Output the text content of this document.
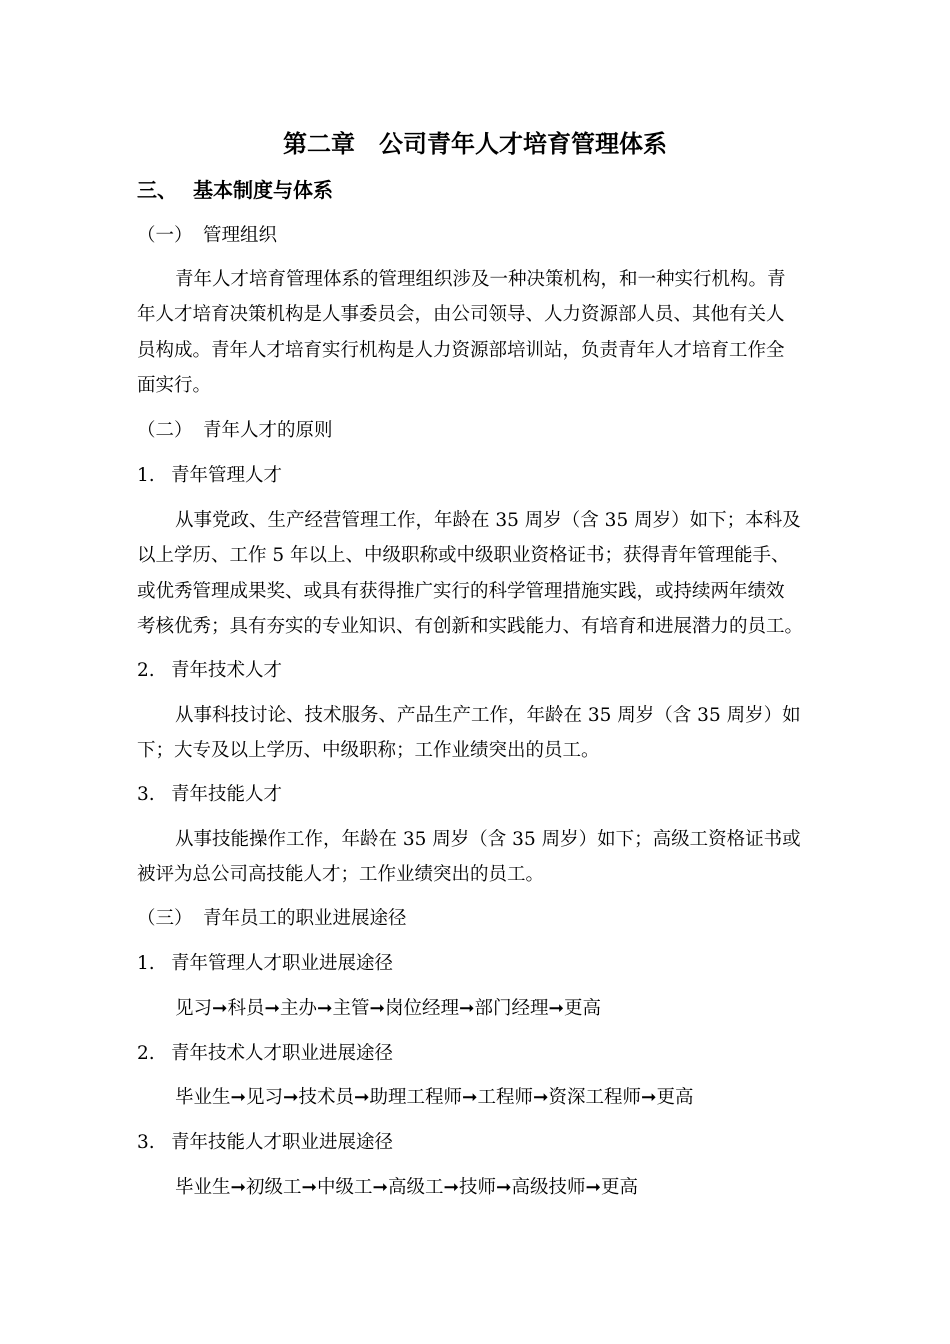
第二章　公司青年人才培育管理体系
三、 基本制度与体系
（一） 管理组织
青年人才培育管理体系的管理组织涉及一种决策机构，和一种实行机构。青
年人才培育决策机构是人事委员会，由公司领导、人力资源部人员、其他有关人
员构成。青年人才培育实行机构是人力资源部培训站，负责青年人才培育工作全
面实行。
（二） 青年人才的原则
1. 青年管理人才
从事党政、生产经营管理工作，年龄在 35 周岁（含 35 周岁）如下；本科及
以上学历、工作 5 年以上、中级职称或中级职业资格证书；获得青年管理能手、
或优秀管理成果奖、或具有获得推广实行的科学管理措施实践，或持续两年绩效
考核优秀；具有夯实的专业知识、有创新和实践能力、有培育和进展潜力的员工。
2. 青年技术人才
从事科技讨论、技术服务、产品生产工作，年龄在 35 周岁（含 35 周岁）如
下；大专及以上学历、中级职称；工作业绩突出的员工。
3. 青年技能人才
从事技能操作工作，年龄在 35 周岁（含 35 周岁）如下；高级工资格证书或
被评为总公司高技能人才；工作业绩突出的员工。
（三） 青年员工的职业进展途径
1. 青年管理人才职业进展途径
见习➞科员➞主办➞主管➞岗位经理➞部门经理➞更高
2. 青年技术人才职业进展途径
毕业生➞见习➞技术员➞助理工程师➞工程师➞资深工程师➞更高
3. 青年技能人才职业进展途径
毕业生➞初级工➞中级工➞高级工➞技师➞高级技师➞更高
